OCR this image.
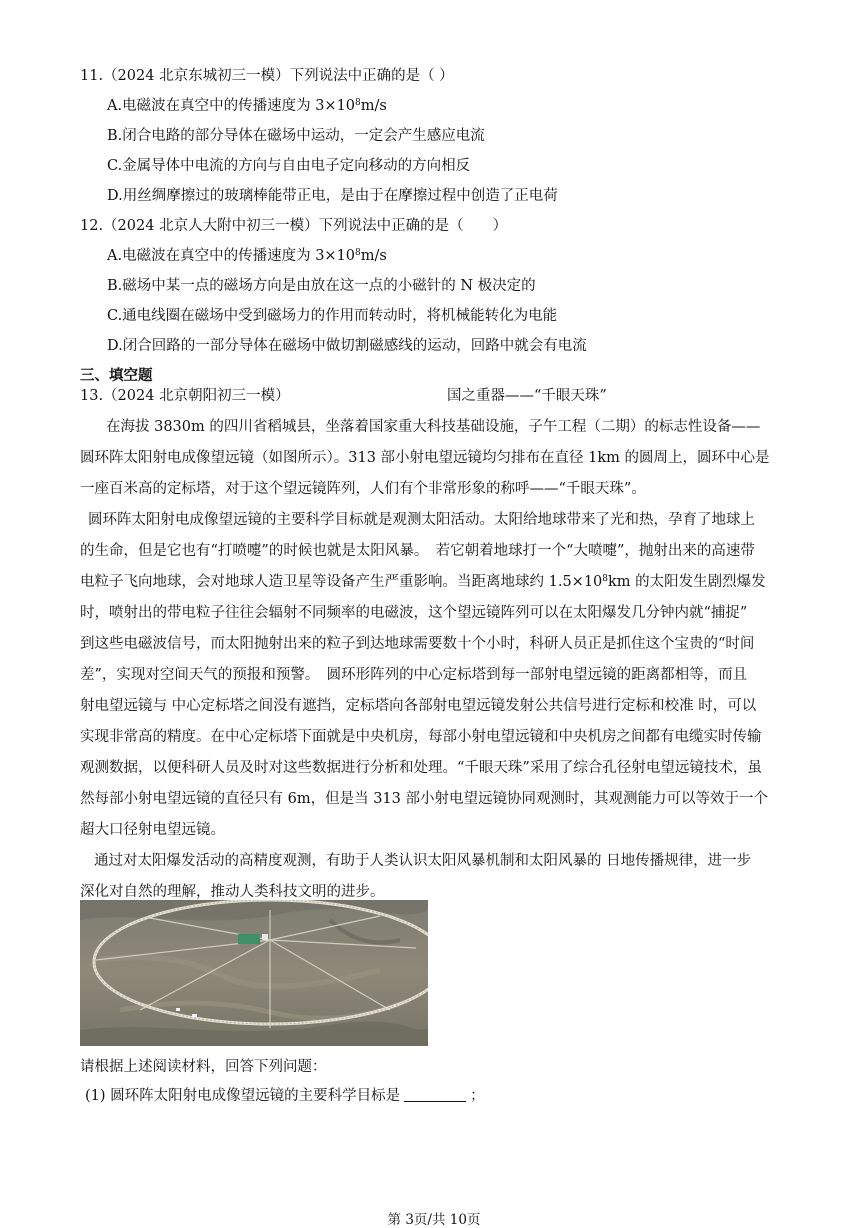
11.（2024 北京东城初三一模）下列说法中正确的是（ ）
A.电磁波在真空中的传播速度为 $3\times 10^8m/s$
B.闭合电路的部分导体在磁场中运动，一定会产生感应电流
C.金属导体中电流的方向与自由电子定向移动的方向相反
D.用丝绸摩擦过的玻璃棒能带正电，是由于在摩擦过程中创造了正电荷
12.（2024 北京人大附中初三一模）下列说法中正确的是（　　）
A.电磁波在真空中的传播速度为 $3\times 10^8m/s$
B.磁场中某一点的磁场方向是由放在这一点的小磁针的 N 极决定的
C.通电线圈在磁场中受到磁场力的作用而转动时，将机械能转化为电能
D.闭合回路的一部分导体在磁场中做切割磁感线的运动，回路中就会有电流
三、填空题
13.（2024 北京朝阳初三一模）	国之重器——“千眼天珠”
在海拔 3830m 的四川省稻城县，坐落着国家重大科技基础设施，子午工程（二期）的标志性设备——
圆环阵太阳射电成像望远镜（如图所示）。313 部小射电望远镜均匀排布在直径 1km 的圆周上，圆环中心是
一座百米高的定标塔，对于这个望远镜阵列，人们有个非常形象的称呼——“千眼天珠”。
圆环阵太阳射电成像望远镜的主要科学目标就是观测太阳活动。太阳给地球带来了光和热，孕育了地球上
的生命，但是它也有“打喷嚏”的时候也就是太阳风暴。　若它朝着地球打一个“大喷嚏”，抛射出来的高速带
电粒子飞向地球，会对地球人造卫星等设备产生严重影响。当距离地球约 $1.5\times 10^8km$ 的太阳发生剧烈爆发
时，喷射出的带电粒子往往会辐射不同频率的电磁波，这个望远镜阵列可以在太阳爆发几分钟内就“捕捉”
到这些电磁波信号，而太阳抛射出来的粒子到达地球需要数十个小时，科研人员正是抓住这个宝贵的“时间
差”，实现对空间天气的预报和预警。　圆环形阵列的中心定标塔到每一部射电望远镜的距离都相等，而且
射电望远镜与 中心定标塔之间没有遮挡，定标塔向各部射电望远镜发射公共信号进行定标和校准 时，可以
实现非常高的精度。在中心定标塔下面就是中央机房，每部小射电望远镜和中央机房之间都有电缆实时传输
观测数据，以便科研人员及时对这些数据进行分析和处理。“千眼天珠”采用了综合孔径射电望远镜技术，虽
然每部小射电望远镜的直径只有 6m，但是当 313 部小射电望远镜协同观测时，其观测能力可以等效于一个
超大口径射电望远镜。
通过对太阳爆发活动的高精度观测，有助于人类认识太阳风暴机制和太阳风暴的 日地传播规律，进一步
深化对自然的理解，推动人类科技文明的进步。
请根据上述阅读材料，回答下列问题：
(1) 圆环阵太阳射电成像望远镜的主要科学目标是	；
第 3页/共 10页
